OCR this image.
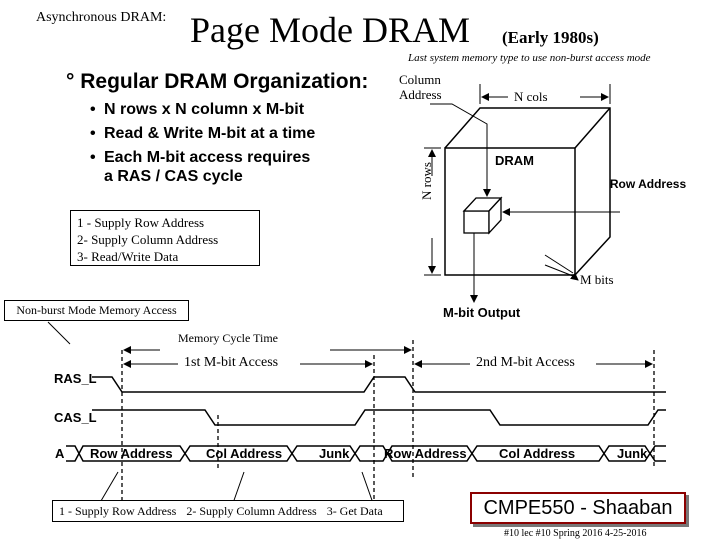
Asynchronous DRAM: Page Mode DRAM (Early 1980s)
Last system memory type to use non-burst access mode
° Regular DRAM Organization:
• N rows x N column x M-bit
• Read & Write M-bit at a time
• Each M-bit access requires
a RAS / CAS cycle
1 - Supply Row Address
2- Supply Column Address
3- Read/Write Data
Non-burst Mode Memory Access
Column Address	N cols
N rows
DRAM
Row Address
M bits
M-bit Output
Memory Cycle Time
1st M-bit Access	2nd M-bit Access
RAS_L
CAS_L
A Row Address	Col Address	Junk	Row Address Col Address	Junk
1 - Supply Row Address 2- Supply Column Address 3- Get Data	CMPE550 - Shaaban
#10 lec #10 Spring 2016 4-25-2016
